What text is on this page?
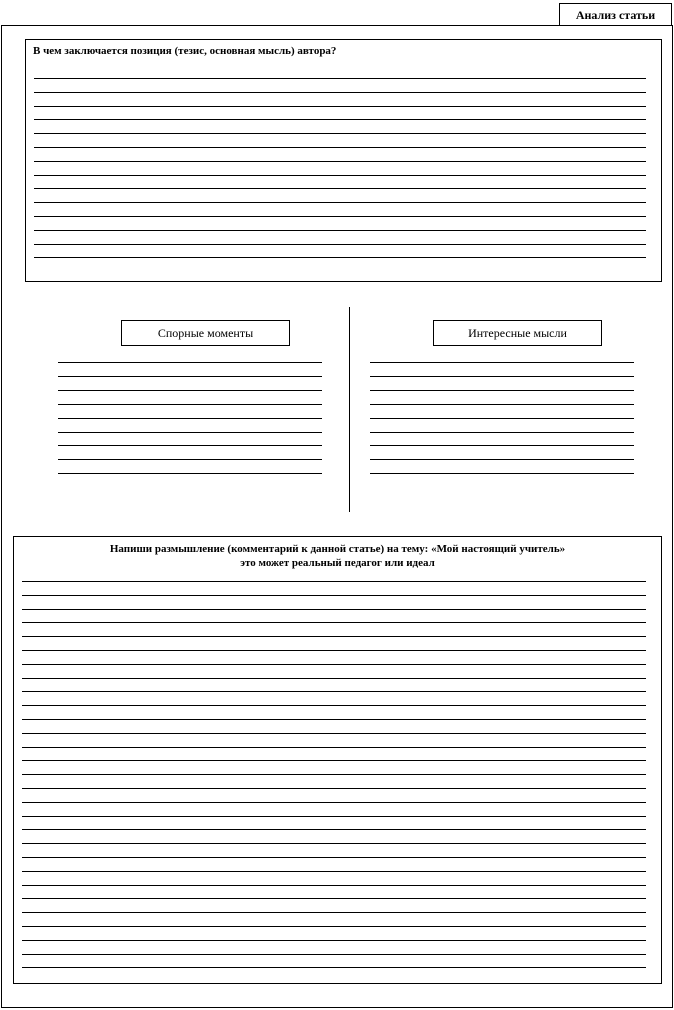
Анализ статьи
В чем заключается позиция (тезис, основная мысль) автора?
Спорные моменты	Интересные мысли
Напиши размышление (комментарий к данной статье) на тему: «Мой настоящий учитель»
это может реальный педагог или идеал
